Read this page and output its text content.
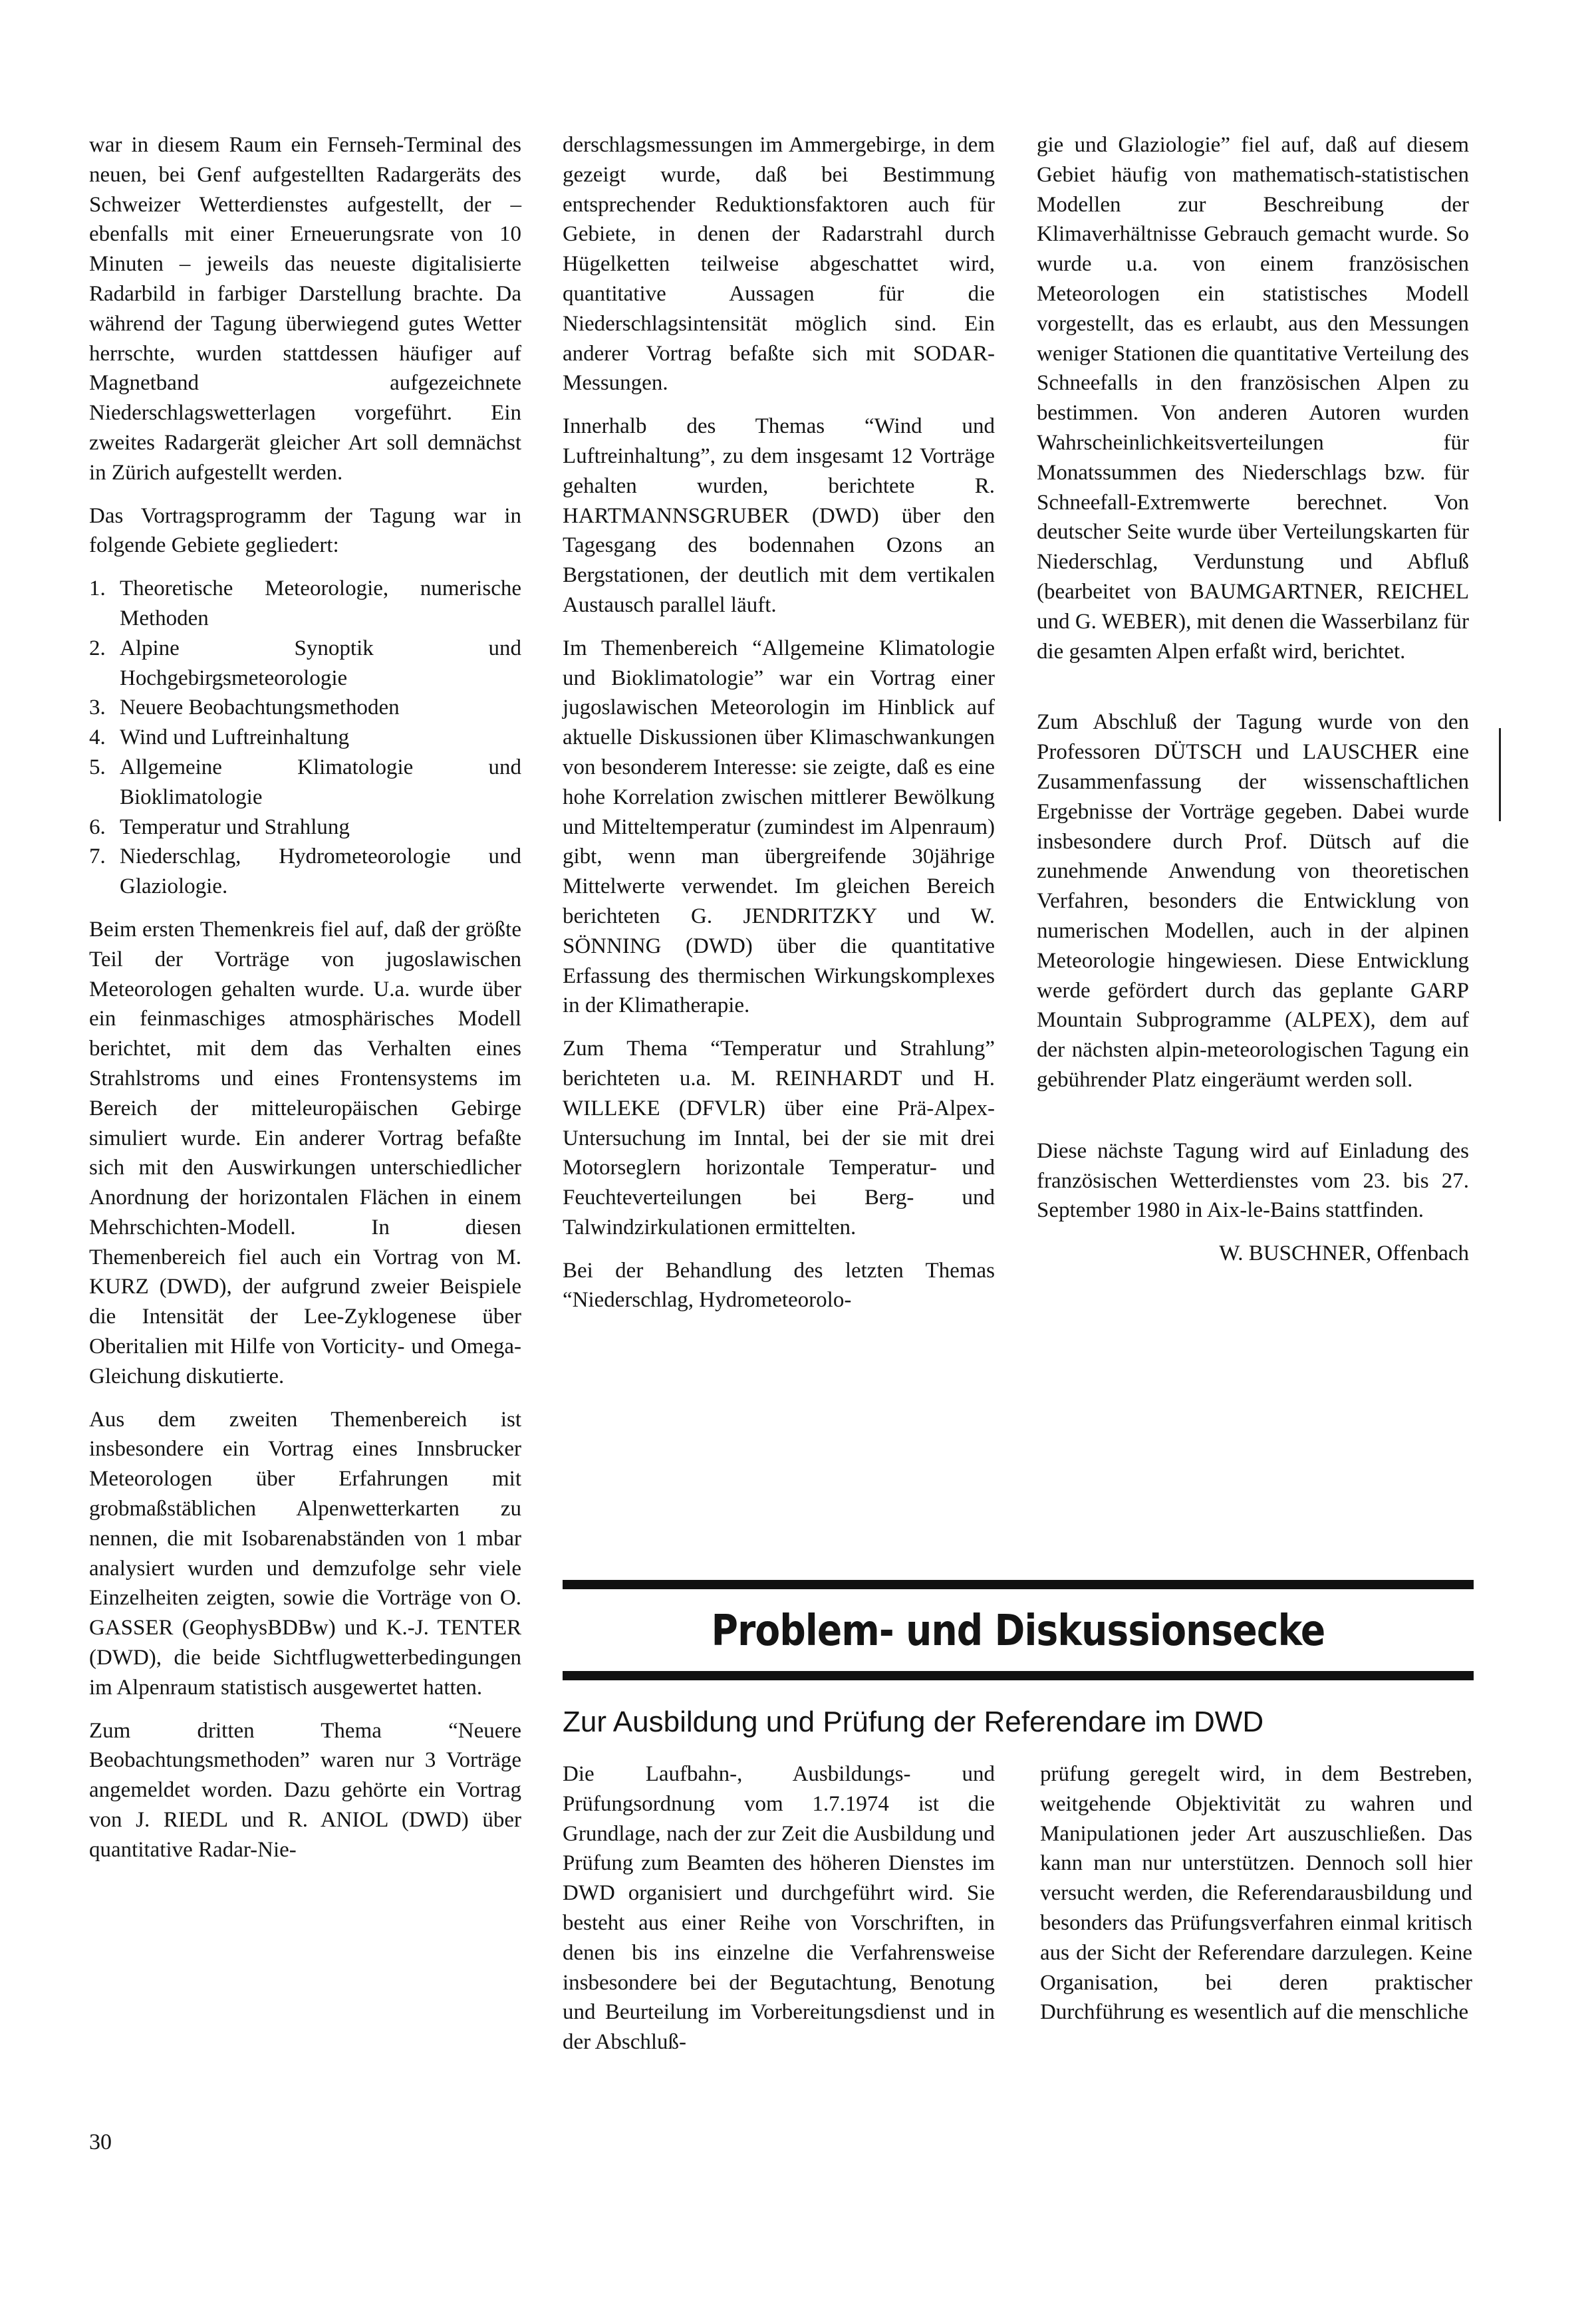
war in diesem Raum ein Fernseh-Terminal des neuen, bei Genf aufgestellten Radargeräts des Schweizer Wetterdienstes aufgestellt, der – ebenfalls mit einer Erneuerungsrate von 10 Minuten – jeweils das neueste digitalisierte Radarbild in farbiger Darstellung brachte. Da während der Tagung überwiegend gutes Wetter herrschte, wurden stattdessen häufiger auf Magnetband aufgezeichnete Niederschlagswetterlagen vorgeführt. Ein zweites Radargerät gleicher Art soll demnächst in Zürich aufgestellt werden.

Das Vortragsprogramm der Tagung war in folgende Gebiete gegliedert:

1. Theoretische Meteorologie, numerische Methoden
2. Alpine Synoptik und Hochgebirgsmeteorologie
3. Neuere Beobachtungsmethoden
4. Wind und Luftreinhaltung
5. Allgemeine Klimatologie und Bioklimatologie
6. Temperatur und Strahlung
7. Niederschlag, Hydrometeorologie und Glaziologie.

Beim ersten Themenkreis fiel auf, daß der größte Teil der Vorträge von jugoslawischen Meteorologen gehalten wurde. U.a. wurde über ein feinmaschiges atmosphärisches Modell berichtet, mit dem das Verhalten eines Strahlstroms und eines Frontensystems im Bereich der mitteleuropäischen Gebirge simuliert wurde. Ein anderer Vortrag befaßte sich mit den Auswirkungen unterschiedlicher Anordnung der horizontalen Flächen in einem Mehrschichten-Modell. In diesen Themenbereich fiel auch ein Vortrag von M. KURZ (DWD), der aufgrund zweier Beispiele die Intensität der Lee-Zyklogenese über Oberitalien mit Hilfe von Vorticity- und Omega-Gleichung diskutierte.

Aus dem zweiten Themenbereich ist insbesondere ein Vortrag eines Innsbrucker Meteorologen über Erfahrungen mit grobmaßstäblichen Alpenwetterkarten zu nennen, die mit Isobarenabständen von 1 mbar analysiert wurden und demzufolge sehr viele Einzelheiten zeigten, sowie die Vorträge von O. GASSER (GeophysBDBw) und K.-J. TENTER (DWD), die beide Sichtflugwetterbedingungen im Alpenraum statistisch ausgewertet hatten.

Zum dritten Thema “Neuere Beobachtungsmethoden” waren nur 3 Vorträge angemeldet worden. Dazu gehörte ein Vortrag von J. RIEDL und R. ANIOL (DWD) über quantitative Radar-Nie-

derschlagsmessungen im Ammergebirge, in dem gezeigt wurde, daß bei Bestimmung entsprechender Reduktionsfaktoren auch für Gebiete, in denen der Radarstrahl durch Hügelketten teilweise abgeschattet wird, quantitative Aussagen für die Niederschlagsintensität möglich sind. Ein anderer Vortrag befaßte sich mit SODAR-Messungen.

Innerhalb des Themas “Wind und Luftreinhaltung”, zu dem insgesamt 12 Vorträge gehalten wurden, berichtete R. HARTMANNSGRUBER (DWD) über den Tagesgang des bodennahen Ozons an Bergstationen, der deutlich mit dem vertikalen Austausch parallel läuft.

Im Themenbereich “Allgemeine Klimatologie und Bioklimatologie” war ein Vortrag einer jugoslawischen Meteorologin im Hinblick auf aktuelle Diskussionen über Klimaschwankungen von besonderem Interesse: sie zeigte, daß es eine hohe Korrelation zwischen mittlerer Bewölkung und Mitteltemperatur (zumindest im Alpenraum) gibt, wenn man übergreifende 30jährige Mittelwerte verwendet. Im gleichen Bereich berichteten G. JENDRITZKY und W. SÖNNING (DWD) über die quantitative Erfassung des thermischen Wirkungskomplexes in der Klimatherapie.

Zum Thema “Temperatur und Strahlung” berichteten u.a. M. REINHARDT und H. WILLEKE (DFVLR) über eine Prä-Alpex-Untersuchung im Inntal, bei der sie mit drei Motorseglern horizontale Temperatur- und Feuchteverteilungen bei Berg- und Talwindzirkulationen ermittelten.

Bei der Behandlung des letzten Themas “Niederschlag, Hydrometeorolo-

gie und Glaziologie” fiel auf, daß auf diesem Gebiet häufig von mathematisch-statistischen Modellen zur Beschreibung der Klimaverhältnisse Gebrauch gemacht wurde. So wurde u.a. von einem französischen Meteorologen ein statistisches Modell vorgestellt, das es erlaubt, aus den Messungen weniger Stationen die quantitative Verteilung des Schneefalls in den französischen Alpen zu bestimmen. Von anderen Autoren wurden Wahrscheinlichkeitsverteilungen für Monatssummen des Niederschlags bzw. für Schneefall-Extremwerte berechnet. Von deutscher Seite wurde über Verteilungskarten für Niederschlag, Verdunstung und Abfluß (bearbeitet von BAUMGARTNER, REICHEL und G. WEBER), mit denen die Wasserbilanz für die gesamten Alpen erfaßt wird, berichtet.

Zum Abschluß der Tagung wurde von den Professoren DÜTSCH und LAUSCHER eine Zusammenfassung der wissenschaftlichen Ergebnisse der Vorträge gegeben. Dabei wurde insbesondere durch Prof. Dütsch auf die zunehmende Anwendung von theoretischen Verfahren, besonders die Entwicklung von numerischen Modellen, auch in der alpinen Meteorologie hingewiesen. Diese Entwicklung werde gefördert durch das geplante GARP Mountain Subprogramme (ALPEX), dem auf der nächsten alpin-meteorologischen Tagung ein gebührender Platz eingeräumt werden soll.

Diese nächste Tagung wird auf Einladung des französischen Wetterdienstes vom 23. bis 27. September 1980 in Aix-le-Bains stattfinden.

W. BUSCHNER, Offenbach

Problem- und Diskussionsecke
Zur Ausbildung und Prüfung der Referendare im DWD

Die Laufbahn-, Ausbildungs- und Prüfungsordnung vom 1.7.1974 ist die Grundlage, nach der zur Zeit die Ausbildung und Prüfung zum Beamten des höheren Dienstes im DWD organisiert und durchgeführt wird. Sie besteht aus einer Reihe von Vorschriften, in denen bis ins einzelne die Verfahrensweise insbesondere bei der Begutachtung, Benotung und Beurteilung im Vorbereitungsdienst und in der Abschluß-

prüfung geregelt wird, in dem Bestreben, weitgehende Objektivität zu wahren und Manipulationen jeder Art auszuschließen. Das kann man nur unterstützen. Dennoch soll hier versucht werden, die Referendarausbildung und besonders das Prüfungsverfahren einmal kritisch aus der Sicht der Referendare darzulegen. Keine Organisation, bei deren praktischer Durchführung es wesentlich auf die menschliche

30
